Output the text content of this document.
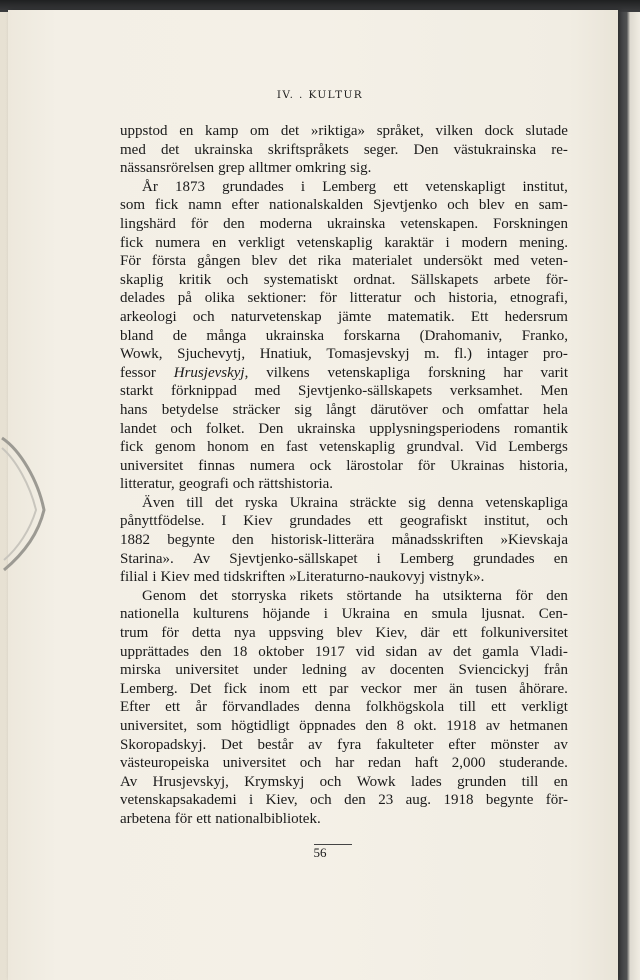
IV. . KULTUR
uppstod en kamp om det »riktiga» språket, vilken dock slutade
med det ukrainska skriftspråkets seger. Den västukrainska re-
nässansrörelsen grep alltmer omkring sig.
År 1873 grundades i Lemberg ett vetenskapligt institut,
som fick namn efter nationalskalden Sjevtjenko och blev en sam-
lingshärd för den moderna ukrainska vetenskapen. Forskningen
fick numera en verkligt vetenskaplig karaktär i modern mening.
För första gången blev det rika materialet undersökt med veten-
skaplig kritik och systematiskt ordnat. Sällskapets arbete för-
delades på olika sektioner: för litteratur och historia, etnografi,
arkeologi och naturvetenskap jämte matematik. Ett hedersrum
bland de många ukrainska forskarna (Drahomaniv, Franko,
Wowk, Sjuchevytj, Hnatiuk, Tomasjevskyj m. fl.) intager pro-
fessor Hrusjevskyj, vilkens vetenskapliga forskning har varit
starkt förknippad med Sjevtjenko-sällskapets verksamhet. Men
hans betydelse sträcker sig långt därutöver och omfattar hela
landet och folket. Den ukrainska upplysningsperiodens romantik
fick genom honom en fast vetenskaplig grundval. Vid Lembergs
universitet finnas numera ock lärostolar för Ukrainas historia,
litteratur, geografi och rättshistoria.
Även till det ryska Ukraina sträckte sig denna vetenskapliga
pånyttfödelse. I Kiev grundades ett geografiskt institut, och
1882 begynte den historisk-litterära månadsskriften »Kievskaja
Starina». Av Sjevtjenko-sällskapet i Lemberg grundades en
filial i Kiev med tidskriften »Literaturno-naukovyj vistnyk».
Genom det storryska rikets störtande ha utsikterna för den
nationella kulturens höjande i Ukraina en smula ljusnat. Cen-
trum för detta nya uppsving blev Kiev, där ett folkuniversitet
upprättades den 18 oktober 1917 vid sidan av det gamla Vladi-
mirska universitet under ledning av docenten Sviencickyj från
Lemberg. Det fick inom ett par veckor mer än tusen åhörare.
Efter ett år förvandlades denna folkhögskola till ett verkligt
universitet, som högtidligt öppnades den 8 okt. 1918 av hetmanen
Skoropadskyj. Det består av fyra fakulteter efter mönster av
västeuropeiska universitet och har redan haft 2,000 studerande.
Av Hrusjevskyj, Krymskyj och Wowk lades grunden till en
vetenskapsakademi i Kiev, och den 23 aug. 1918 begynte för-
arbetena för ett nationalbibliotek.
56
